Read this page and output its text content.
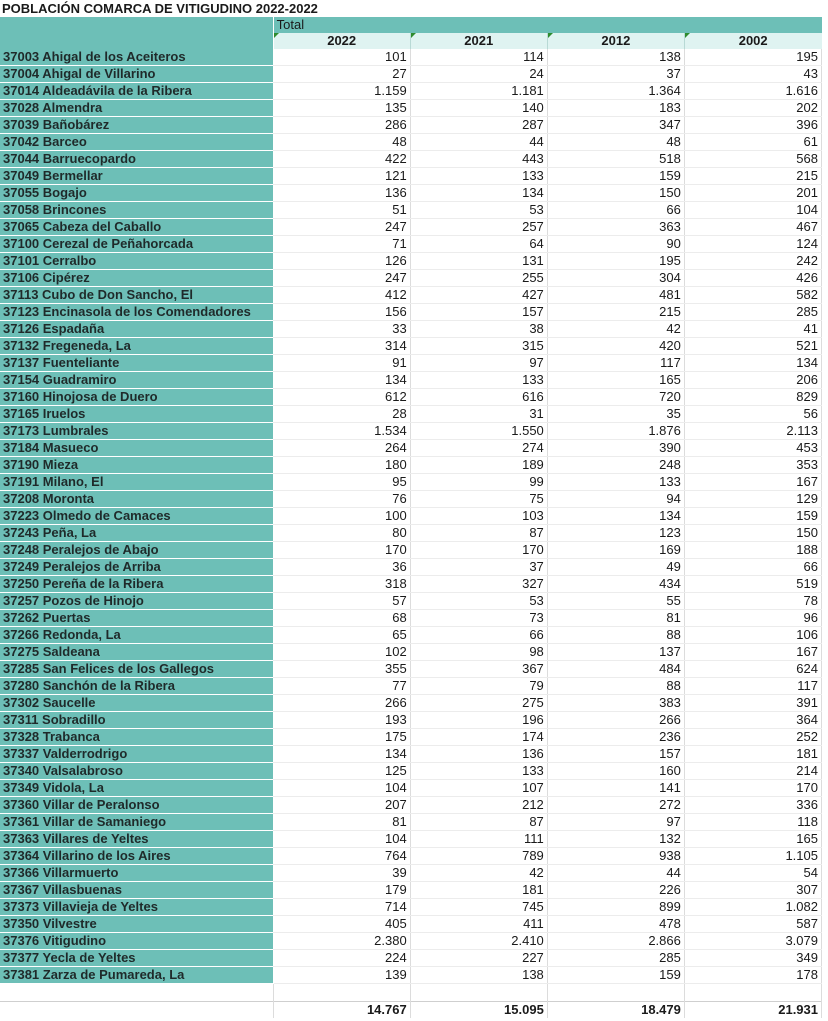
POBLACIÓN COMARCA DE VITIGUDINO 2022-2022
	Total			
	2022	2021	2012	2002
37003 Ahigal de los Aceiteros	101	114	138	195
37004 Ahigal de Villarino	27	24	37	43
37014 Aldeadávila de la Ribera	1.159	1.181	1.364	1.616
37028 Almendra	135	140	183	202
37039 Bañobárez	286	287	347	396
37042 Barceo	48	44	48	61
37044 Barruecopardo	422	443	518	568
37049 Bermellar	121	133	159	215
37055 Bogajo	136	134	150	201
37058 Brincones	51	53	66	104
37065 Cabeza del Caballo	247	257	363	467
37100 Cerezal de Peñahorcada	71	64	90	124
37101 Cerralbo	126	131	195	242
37106 Cipérez	247	255	304	426
37113 Cubo de Don Sancho, El	412	427	481	582
37123 Encinasola de los Comendadores	156	157	215	285
37126 Espadaña	33	38	42	41
37132 Fregeneda, La	314	315	420	521
37137 Fuenteliante	91	97	117	134
37154 Guadramiro	134	133	165	206
37160 Hinojosa de Duero	612	616	720	829
37165 Iruelos	28	31	35	56
37173 Lumbrales	1.534	1.550	1.876	2.113
37184 Masueco	264	274	390	453
37190 Mieza	180	189	248	353
37191 Milano, El	95	99	133	167
37208 Moronta	76	75	94	129
37223 Olmedo de Camaces	100	103	134	159
37243 Peña, La	80	87	123	150
37248 Peralejos de Abajo	170	170	169	188
37249 Peralejos de Arriba	36	37	49	66
37250 Pereña de la Ribera	318	327	434	519
37257 Pozos de Hinojo	57	53	55	78
37262 Puertas	68	73	81	96
37266 Redonda, La	65	66	88	106
37275 Saldeana	102	98	137	167
37285 San Felices de los Gallegos	355	367	484	624
37280 Sanchón de la Ribera	77	79	88	117
37302 Saucelle	266	275	383	391
37311 Sobradillo	193	196	266	364
37328 Trabanca	175	174	236	252
37337 Valderrodrigo	134	136	157	181
37340 Valsalabroso	125	133	160	214
37349 Vidola, La	104	107	141	170
37360 Villar de Peralonso	207	212	272	336
37361 Villar de Samaniego	81	87	97	118
37363 Villares de Yeltes	104	111	132	165
37364 Villarino de los Aires	764	789	938	1.105
37366 Villarmuerto	39	42	44	54
37367 Villasbuenas	179	181	226	307
37373 Villavieja de Yeltes	714	745	899	1.082
37350 Vilvestre	405	411	478	587
37376 Vitigudino	2.380	2.410	2.866	3.079
37377 Yecla de Yeltes	224	227	285	349
37381 Zarza de Pumareda, La	139	138	159	178

	14.767	15.095	18.479	21.931
